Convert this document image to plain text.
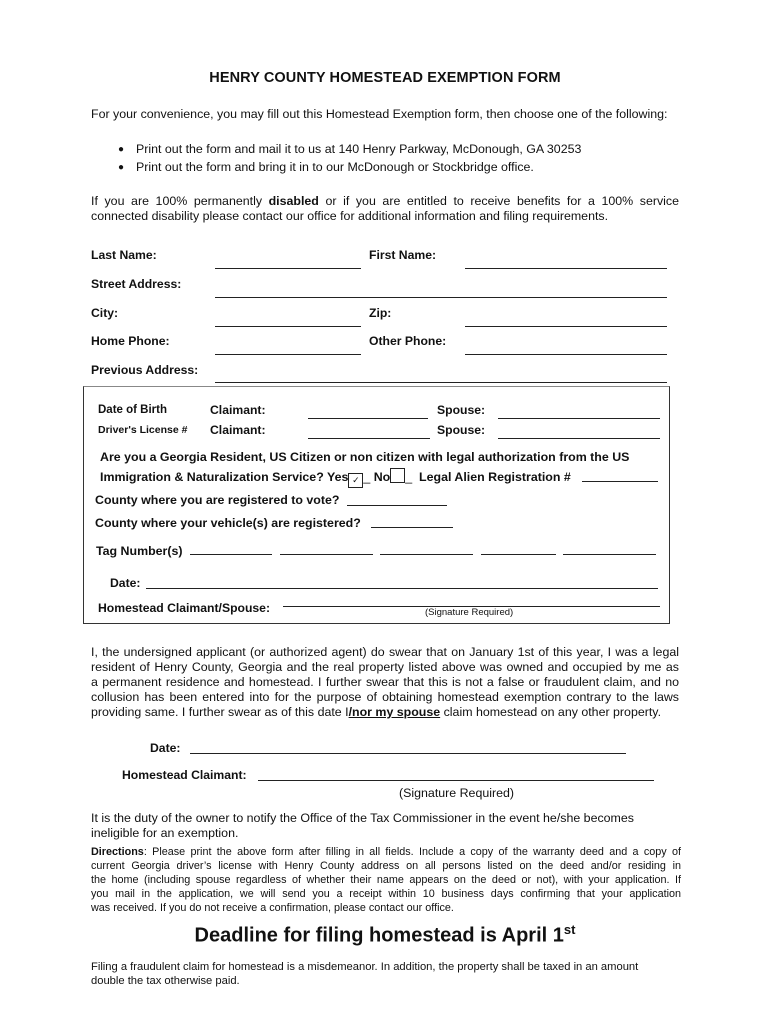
HENRY COUNTY HOMESTEAD EXEMPTION FORM
For your convenience, you may fill out this Homestead Exemption form, then choose one of the following:
● Print out the form and mail it to us at 140 Henry Parkway, McDonough, GA 30253
● Print out the form and bring it in to our McDonough or Stockbridge office.
If you are 100% permanently disabled or if you are entitled to receive benefits for a 100% service
connected disability please contact our office for additional information and filing requirements.
Last Name:	First Name:
Street Address:
City:	Zip:
Home Phone:	Other Phone:
Previous Address:
Date of Birth	Claimant:	Spouse:
Driver's License # Claimant:	Spouse:
Are you a Georgia Resident, US Citizen or non citizen with legal authorization from the US
Immigration & Naturalization Service? Yes ✓ _ No _ Legal Alien Registration #
County where you are registered to vote?
County where your vehicle(s) are registered?
Tag Number(s)
Date:
Homestead Claimant/Spouse:	(Signature Required)
I, the undersigned applicant (or authorized agent) do swear that on January 1st of this year, I was a legal
resident of Henry County, Georgia and the real property listed above was owned and occupied by me as
a permanent residence and homestead. I further swear that this is not a false or fraudulent claim, and no
collusion has been entered into for the purpose of obtaining homestead exemption contrary to the laws
providing same. I further swear as of this date I/nor my spouse claim homestead on any other property.
Date:
Homestead Claimant:
(Signature Required)
It is the duty of the owner to notify the Office of the Tax Commissioner in the event he/she becomes
ineligible for an exemption.
Directions: Please print the above form after filling in all fields. Include a copy of the warranty deed and a copy of
current Georgia driver’s license with Henry County address on all persons listed on the deed and/or residing in
the home (including spouse regardless of whether their name appears on the deed or not), with your application. If
you mail in the application, we will send you a receipt within 10 business days confirming that your application
was received. If you do not receive a confirmation, please contact our office.
Deadline for filing homestead is April 1st
Filing a fraudulent claim for homestead is a misdemeanor. In addition, the property shall be taxed in an amount
double the tax otherwise paid.
